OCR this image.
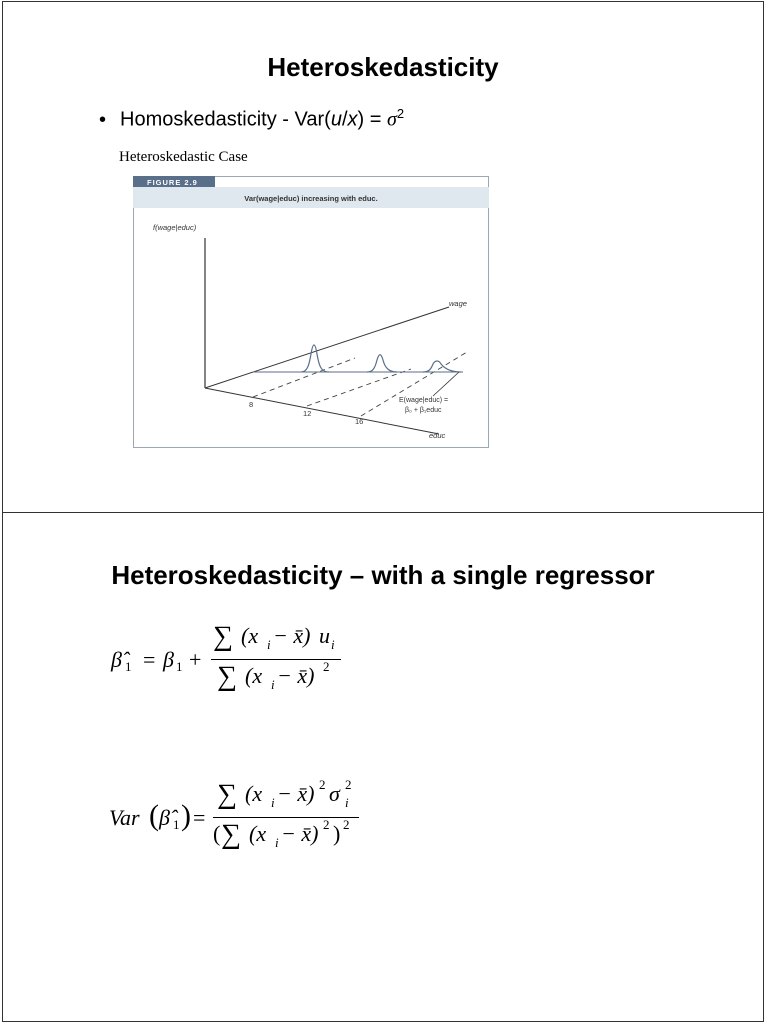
Heteroskedasticity
• Homoskedasticity - $Var(u/x) = \sigma^2$
Heteroskedastic Case
FIGURE 2.9
Var(wage|educ) increasing with educ.
f(wage|educ)
wage
educ
8
12
16
E(wage|educ) =
β₀ + β₁educ
Heteroskedasticity – with a single regressor
β̂ 1 = β 1 +
∑ (x i − x̄) u i
∑ (x i − x̄) 2
Var ( β̂ 1 ) =
∑ (x i − x̄) 2 σ 2
i
( ∑ (x i − x̄) 2 ) 2
